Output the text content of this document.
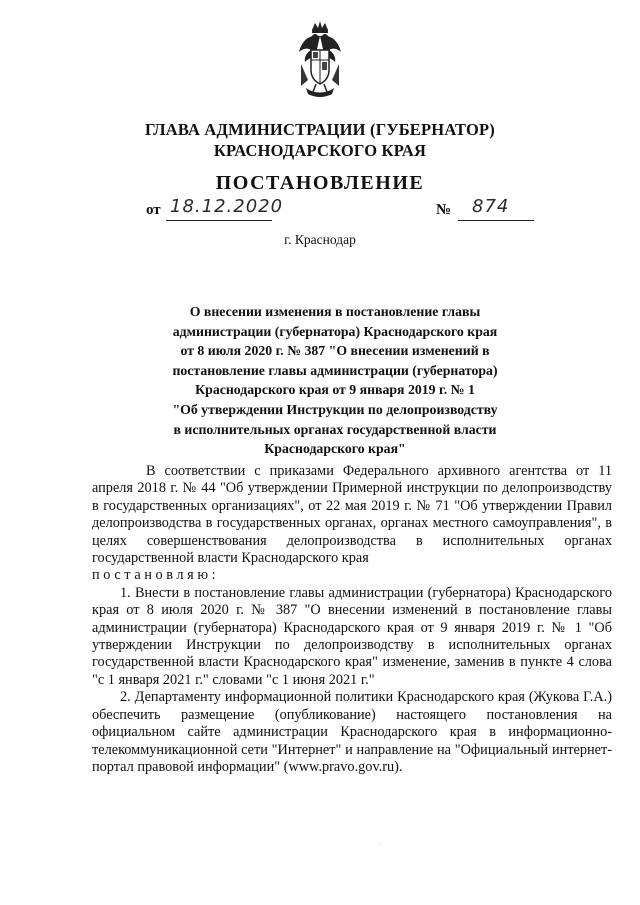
ГЛАВА АДМИНИСТРАЦИИ (ГУБЕРНАТОР)
КРАСНОДАРСКОГО КРАЯ
ПОСТАНОВЛЕНИЕ
от 18.12.2020	№ 874
г. Краснодар
О внесении изменения в постановление главы
администрации (губернатора) Краснодарского края
от 8 июля 2020 г. № 387 "О внесении изменений в
постановление главы администрации (губернатора)
Краснодарского края от 9 января 2019 г. № 1
"Об утверждении Инструкции по делопроизводству
в исполнительных органах государственной власти
Краснодарского края"

В соответствии с приказами Федерального архивного агентства от 11 апреля 2018 г. № 44 "Об утверждении Примерной инструкции по делопроизводству в государственных организациях", от 22 мая 2019 г. № 71 "Об утверждении Правил делопроизводства в государственных органах, органах местного самоуправления", в целях совершенствования делопроизводства в исполнительных органах государственной власти Краснодарского края

постановляю:

1. Внести в постановление главы администрации (губернатора) Краснодарского края от 8 июля 2020 г. № 387 "О внесении изменений в постановление главы администрации (губернатора) Краснодарского края от 9 января 2019 г. № 1 "Об утверждении Инструкции по делопроизводству в исполнительных органах государственной власти Краснодарского края" изменение, заменив в пункте 4 слова "с 1 января 2021 г." словами "с 1 июня 2021 г."

2. Департаменту информационной политики Краснодарского края (Жукова Г.А.) обеспечить размещение (опубликование) настоящего постановления на официальном сайте администрации Краснодарского края в информационно-телекоммуникационной сети "Интернет" и направление на "Официальный интернет-портал правовой информации" (www.pravo.gov.ru).

·
